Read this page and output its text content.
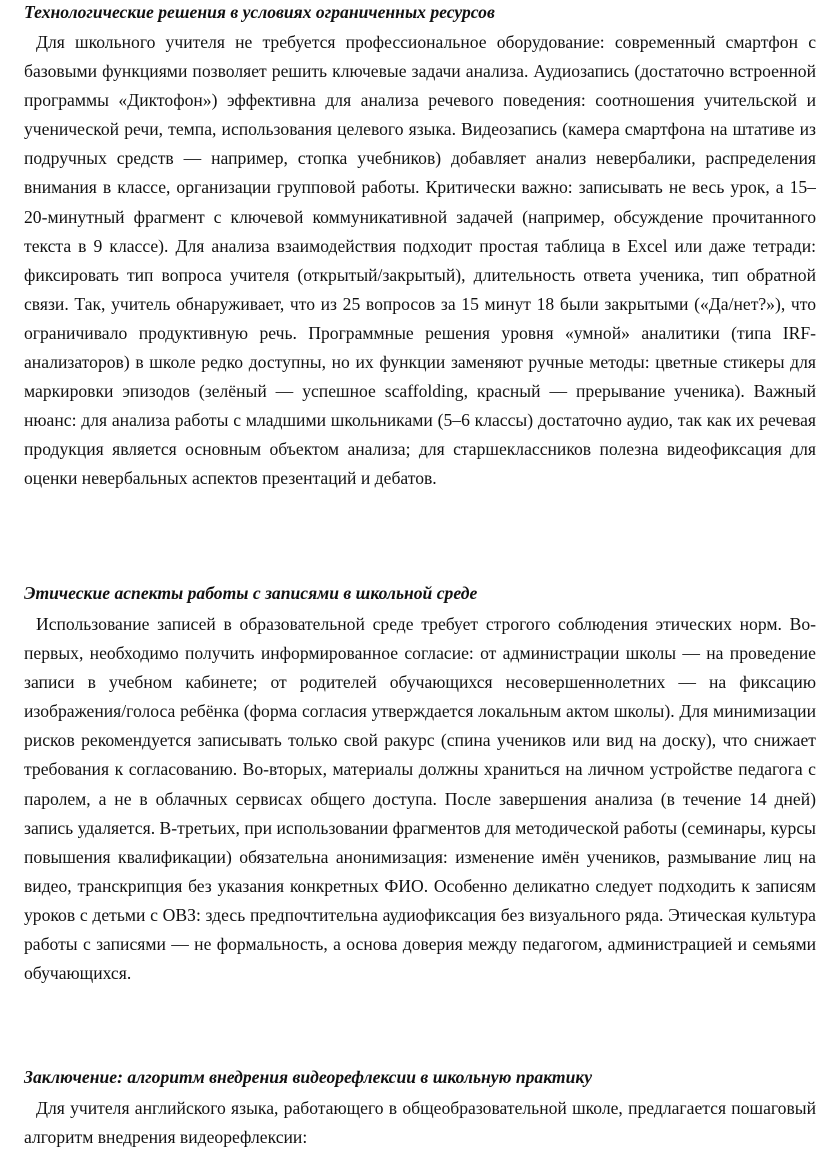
Технологические решения в условиях ограниченных ресурсов

Для школьного учителя не требуется профессиональное оборудование: современный смартфон с базовыми функциями позволяет решить ключевые задачи анализа. Аудиозапись (достаточно встроенной программы «Диктофон») эффективна для анализа речевого поведения: соотношения учительской и ученической речи, темпа, использования целевого языка. Видеозапись (камера смартфона на штативе из подручных средств — например, стопка учебников) добавляет анализ невербалики, распределения внимания в классе, организации групповой работы. Критически важно: записывать не весь урок, а 15–20-минутный фрагмент с ключевой коммуникативной задачей (например, обсуждение прочитанного текста в 9 классе). Для анализа взаимодействия подходит простая таблица в Excel или даже тетради: фиксировать тип вопроса учителя (открытый/закрытый), длительность ответа ученика, тип обратной связи. Так, учитель обнаруживает, что из 25 вопросов за 15 минут 18 были закрытыми («Да/нет?»), что ограничивало продуктивную речь. Программные решения уровня «умной» аналитики (типа IRF-анализаторов) в школе редко доступны, но их функции заменяют ручные методы: цветные стикеры для маркировки эпизодов (зелёный — успешное scaffolding, красный — прерывание ученика). Важный нюанс: для анализа работы с младшими школьниками (5–6 классы) достаточно аудио, так как их речевая продукция является основным объектом анализа; для старшеклассников полезна видеофиксация для оценки невербальных аспектов презентаций и дебатов.

Этические аспекты работы с записями в школьной среде

Использование записей в образовательной среде требует строгого соблюдения этических норм. Во-первых, необходимо получить информированное согласие: от администрации школы — на проведение записи в учебном кабинете; от родителей обучающихся несовершеннолетних — на фиксацию изображения/голоса ребёнка (форма согласия утверждается локальным актом школы). Для минимизации рисков рекомендуется записывать только свой ракурс (спина учеников или вид на доску), что снижает требования к согласованию. Во-вторых, материалы должны храниться на личном устройстве педагога с паролем, а не в облачных сервисах общего доступа. После завершения анализа (в течение 14 дней) запись удаляется. В-третьих, при использовании фрагментов для методической работы (семинары, курсы повышения квалификации) обязательна анонимизация: изменение имён учеников, размывание лиц на видео, транскрипция без указания конкретных ФИО. Особенно деликатно следует подходить к записям уроков с детьми с ОВЗ: здесь предпочтительна аудиофиксация без визуального ряда. Этическая культура работы с записями — не формальность, а основа доверия между педагогом, администрацией и семьями обучающихся.

Заключение: алгоритм внедрения видеорефлексии в школьную практику

Для учителя английского языка, работающего в общеобразовательной школе, предлагается пошаговый алгоритм внедрения видеорефлексии:
